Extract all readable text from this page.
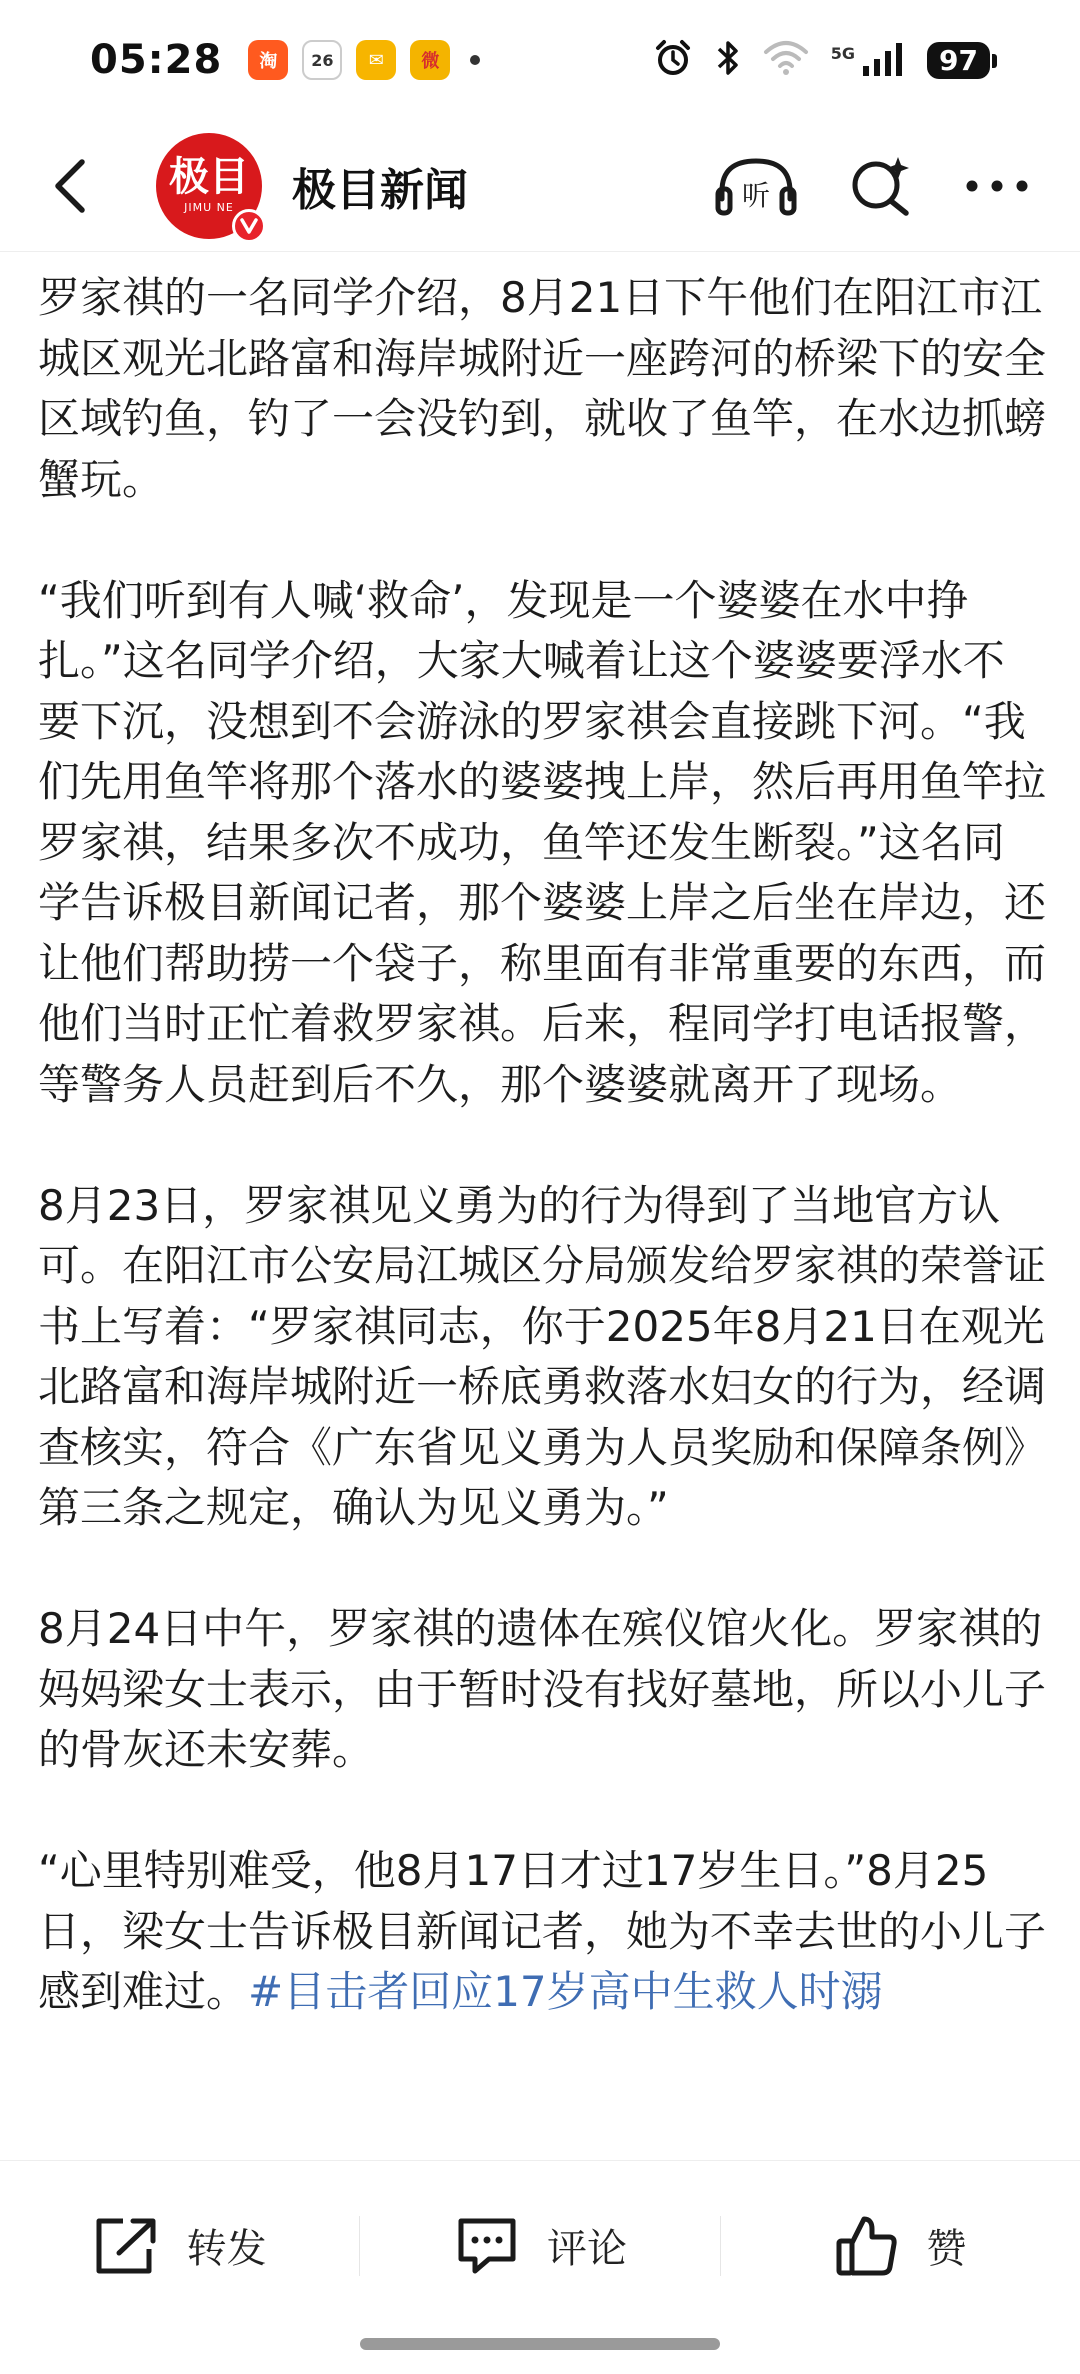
05:28	淘	26	✉	微	5G	97
极目
JIMU NE 极目新闻	听

罗家祺的一名同学介绍，8月21日下午他们在阳江市江城区观光北路富和海岸城附近一座跨河的桥梁下的安全区域钓鱼，钓了一会没钓到，就收了鱼竿，在水边抓螃蟹玩。

“我们听到有人喊‘救命’，发现是一个婆婆在水中挣扎。”这名同学介绍，大家大喊着让这个婆婆要浮水不要下沉，没想到不会游泳的罗家祺会直接跳下河。“我们先用鱼竿将那个落水的婆婆拽上岸，然后再用鱼竿拉罗家祺，结果多次不成功，鱼竿还发生断裂。”这名同学告诉极目新闻记者，那个婆婆上岸之后坐在岸边，还让他们帮助捞一个袋子，称里面有非常重要的东西，而他们当时正忙着救罗家祺。后来，程同学打电话报警，等警务人员赶到后不久，那个婆婆就离开了现场。

8月23日，罗家祺见义勇为的行为得到了当地官方认可。在阳江市公安局江城区分局颁发给罗家祺的荣誉证书上写着：“罗家祺同志，你于2025年8月21日在观光北路富和海岸城附近一桥底勇救落水妇女的行为，经调查核实，符合《广东省见义勇为人员奖励和保障条例》第三条之规定，确认为见义勇为。”

8月24日中午，罗家祺的遗体在殡仪馆火化。罗家祺的妈妈梁女士表示，由于暂时没有找好墓地，所以小儿子的骨灰还未安葬。

“心里特别难受，他8月17日才过17岁生日。”8月25日，梁女士告诉极目新闻记者，她为不幸去世的小儿子感到难过。#目击者回应17岁高中生救人时溺

转发	评论	赞
